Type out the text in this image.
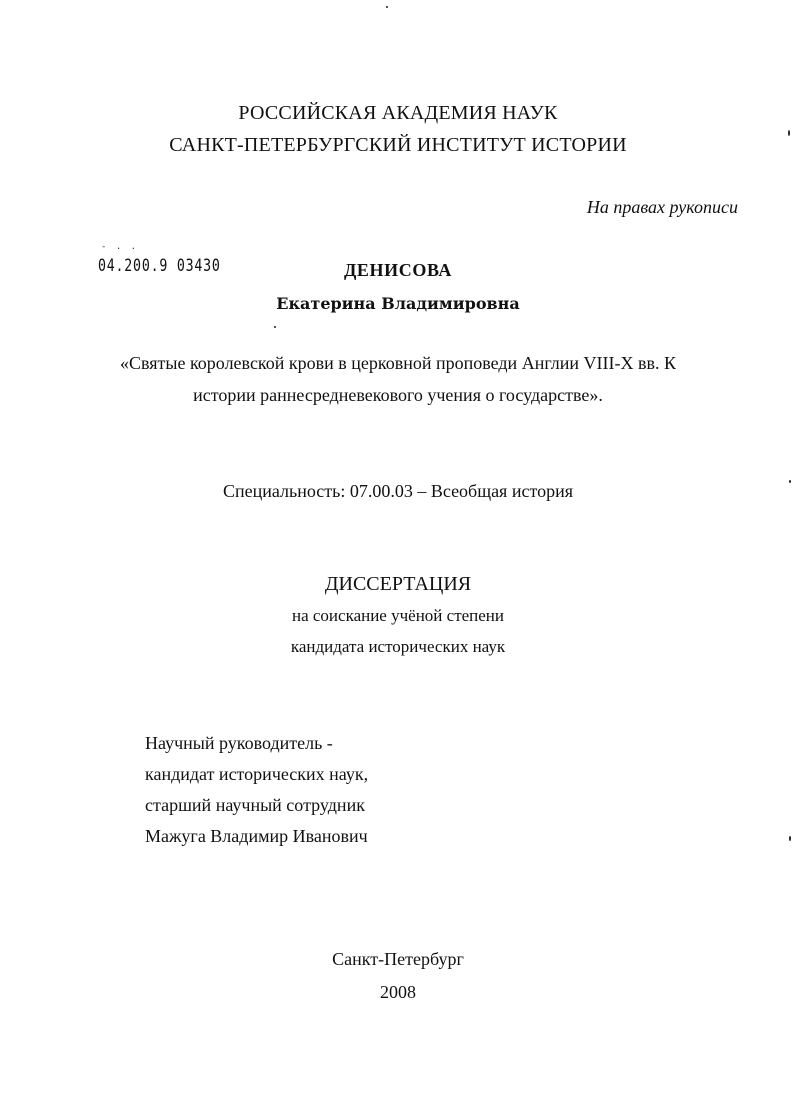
РОССИЙСКАЯ АКАДЕМИЯ НАУК
САНКТ-ПЕТЕРБУРГСКИЙ ИНСТИТУТ ИСТОРИИ
На правах рукописи
- . .
04.200.9 03430	ДЕНИСОВА
Екатерина Владимировна
«Святые королевской крови в церковной проповеди Англии VIII-X вв. К
истории раннесредневекового учения о государстве».
Специальность: 07.00.03 – Всеобщая история
ДИССЕРТАЦИЯ
на соискание учёной степени
кандидата исторических наук
Научный руководитель -
кандидат исторических наук,
старший научный сотрудник
Мажуга Владимир Иванович
Санкт-Петербург
2008
